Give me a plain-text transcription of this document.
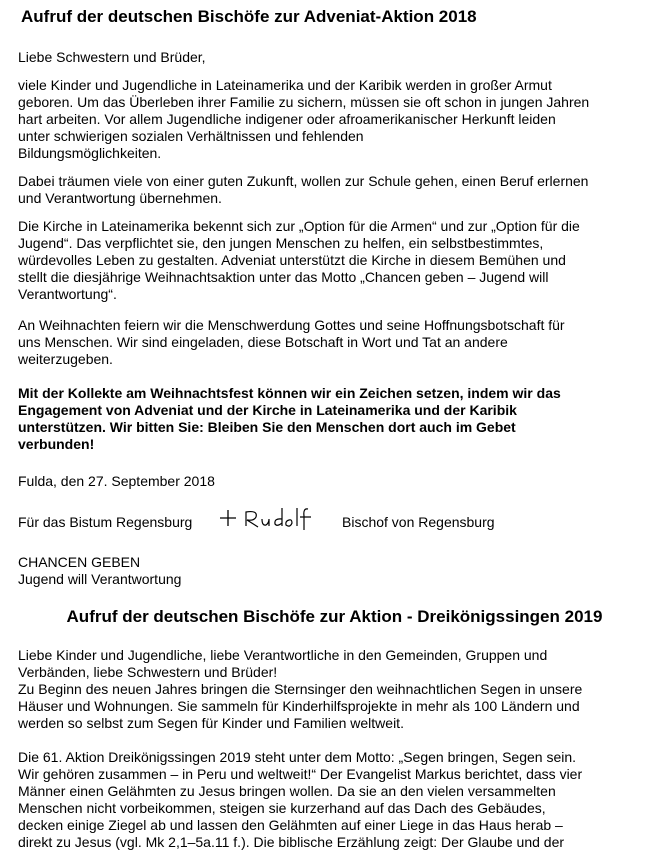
Aufruf der deutschen Bischöfe zur Adveniat-Aktion 2018

Liebe Schwestern und Brüder,

viele Kinder und Jugendliche in Lateinamerika und der Karibik werden in großer Armut
geboren. Um das Überleben ihrer Familie zu sichern, müssen sie oft schon in jungen Jahren
hart arbeiten. Vor allem Jugendliche indigener oder afroamerikanischer Herkunft leiden
unter schwierigen sozialen Verhältnissen und fehlenden
Bildungsmöglichkeiten.

Dabei träumen viele von einer guten Zukunft, wollen zur Schule gehen, einen Beruf erlernen
und Verantwortung übernehmen.

Die Kirche in Lateinamerika bekennt sich zur „Option für die Armen“ und zur „Option für die
Jugend“. Das verpflichtet sie, den jungen Menschen zu helfen, ein selbstbestimmtes,
würdevolles Leben zu gestalten. Adveniat unterstützt die Kirche in diesem Bemühen und
stellt die diesjährige Weihnachtsaktion unter das Motto „Chancen geben – Jugend will
Verantwortung“.

An Weihnachten feiern wir die Menschwerdung Gottes und seine Hoffnungsbotschaft für
uns Menschen. Wir sind eingeladen, diese Botschaft in Wort und Tat an andere
weiterzugeben.

Mit der Kollekte am Weihnachtsfest können wir ein Zeichen setzen, indem wir das
Engagement von Adveniat und der Kirche in Lateinamerika und der Karibik
unterstützen. Wir bitten Sie: Bleiben Sie den Menschen dort auch im Gebet
verbunden!

Fulda, den 27. September 2018

Für das Bistum Regensburg	Bischof von Regensburg

CHANCEN GEBEN

Jugend will Verantwortung

Aufruf der deutschen Bischöfe zur Aktion - Dreikönigssingen 2019

Liebe Kinder und Jugendliche, liebe Verantwortliche in den Gemeinden, Gruppen und
Verbänden, liebe Schwestern und Brüder!
Zu Beginn des neuen Jahres bringen die Sternsinger den weihnachtlichen Segen in unsere
Häuser und Wohnungen. Sie sammeln für Kinderhilfsprojekte in mehr als 100 Ländern und
werden so selbst zum Segen für Kinder und Familien weltweit.

Die 61. Aktion Dreikönigssingen 2019 steht unter dem Motto: „Segen bringen, Segen sein.
Wir gehören zusammen – in Peru und weltweit!“ Der Evangelist Markus berichtet, dass vier
Männer einen Gelähmten zu Jesus bringen wollen. Da sie an den vielen versammelten
Menschen nicht vorbeikommen, steigen sie kurzerhand auf das Dach des Gebäudes,
decken einige Ziegel ab und lassen den Gelähmten auf einer Liege in das Haus herab –
direkt zu Jesus (vgl. Mk 2,1–5a.11 f.). Die biblische Erzählung zeigt: Der Glaube und der
